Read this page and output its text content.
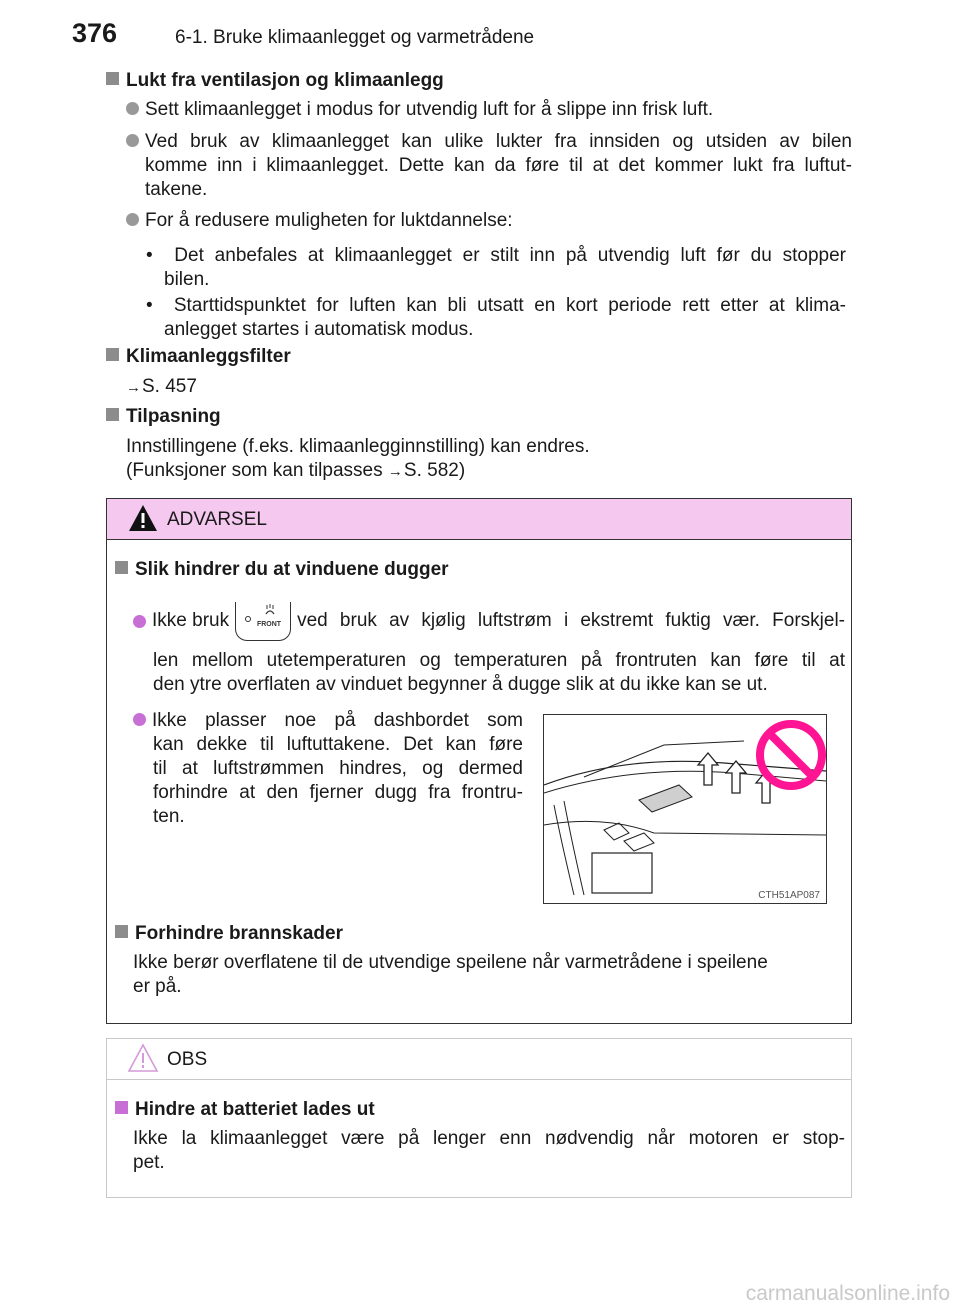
376	6-1. Bruke klimaanlegget og varmetrådene
Lukt fra ventilasjon og klimaanlegg
Sett klimaanlegget i modus for utvendig luft for å slippe inn frisk luft.
Ved bruk av klimaanlegget kan ulike lukter fra innsiden og utsiden av bilen
komme inn i klimaanlegget. Dette kan da føre til at det kommer lukt fra luftut-
takene.
For å redusere muligheten for luktdannelse:
•  Det anbefales at klimaanlegget er stilt inn på utvendig luft før du stopper
bilen.
•  Starttidspunktet for luften kan bli utsatt en kort periode rett etter at klima-
anlegget startes i automatisk modus.
Klimaanleggsfilter
→S. 457
Tilpasning
Innstillingene (f.eks. klimaanlegginnstilling) kan endres.
(Funksjoner som kan tilpasses →S. 582)
ADVARSEL
Slik hindrer du at vinduene dugger
Ikke bruk	FRONT ved bruk av kjølig luftstrøm i ekstremt fuktig vær. Forskjel-
len mellom utetemperaturen og temperaturen på frontruten kan føre til at
den ytre overflaten av vinduet begynner å dugge slik at du ikke kan se ut.
Ikke plasser noe på dashbordet som
kan dekke til luftuttakene. Det kan føre
til at luftstrømmen hindres, og dermed
forhindre at den fjerner dugg fra frontru-
ten.
Forhindre brannskader
Ikke berør overflatene til de utvendige speilene når varmetrådene i speilene
er på.
CTH51AP087
OBS
Hindre at batteriet lades ut
Ikke la klimaanlegget være på lenger enn nødvendig når motoren er stop-
pet.
carmanualsonline.info
